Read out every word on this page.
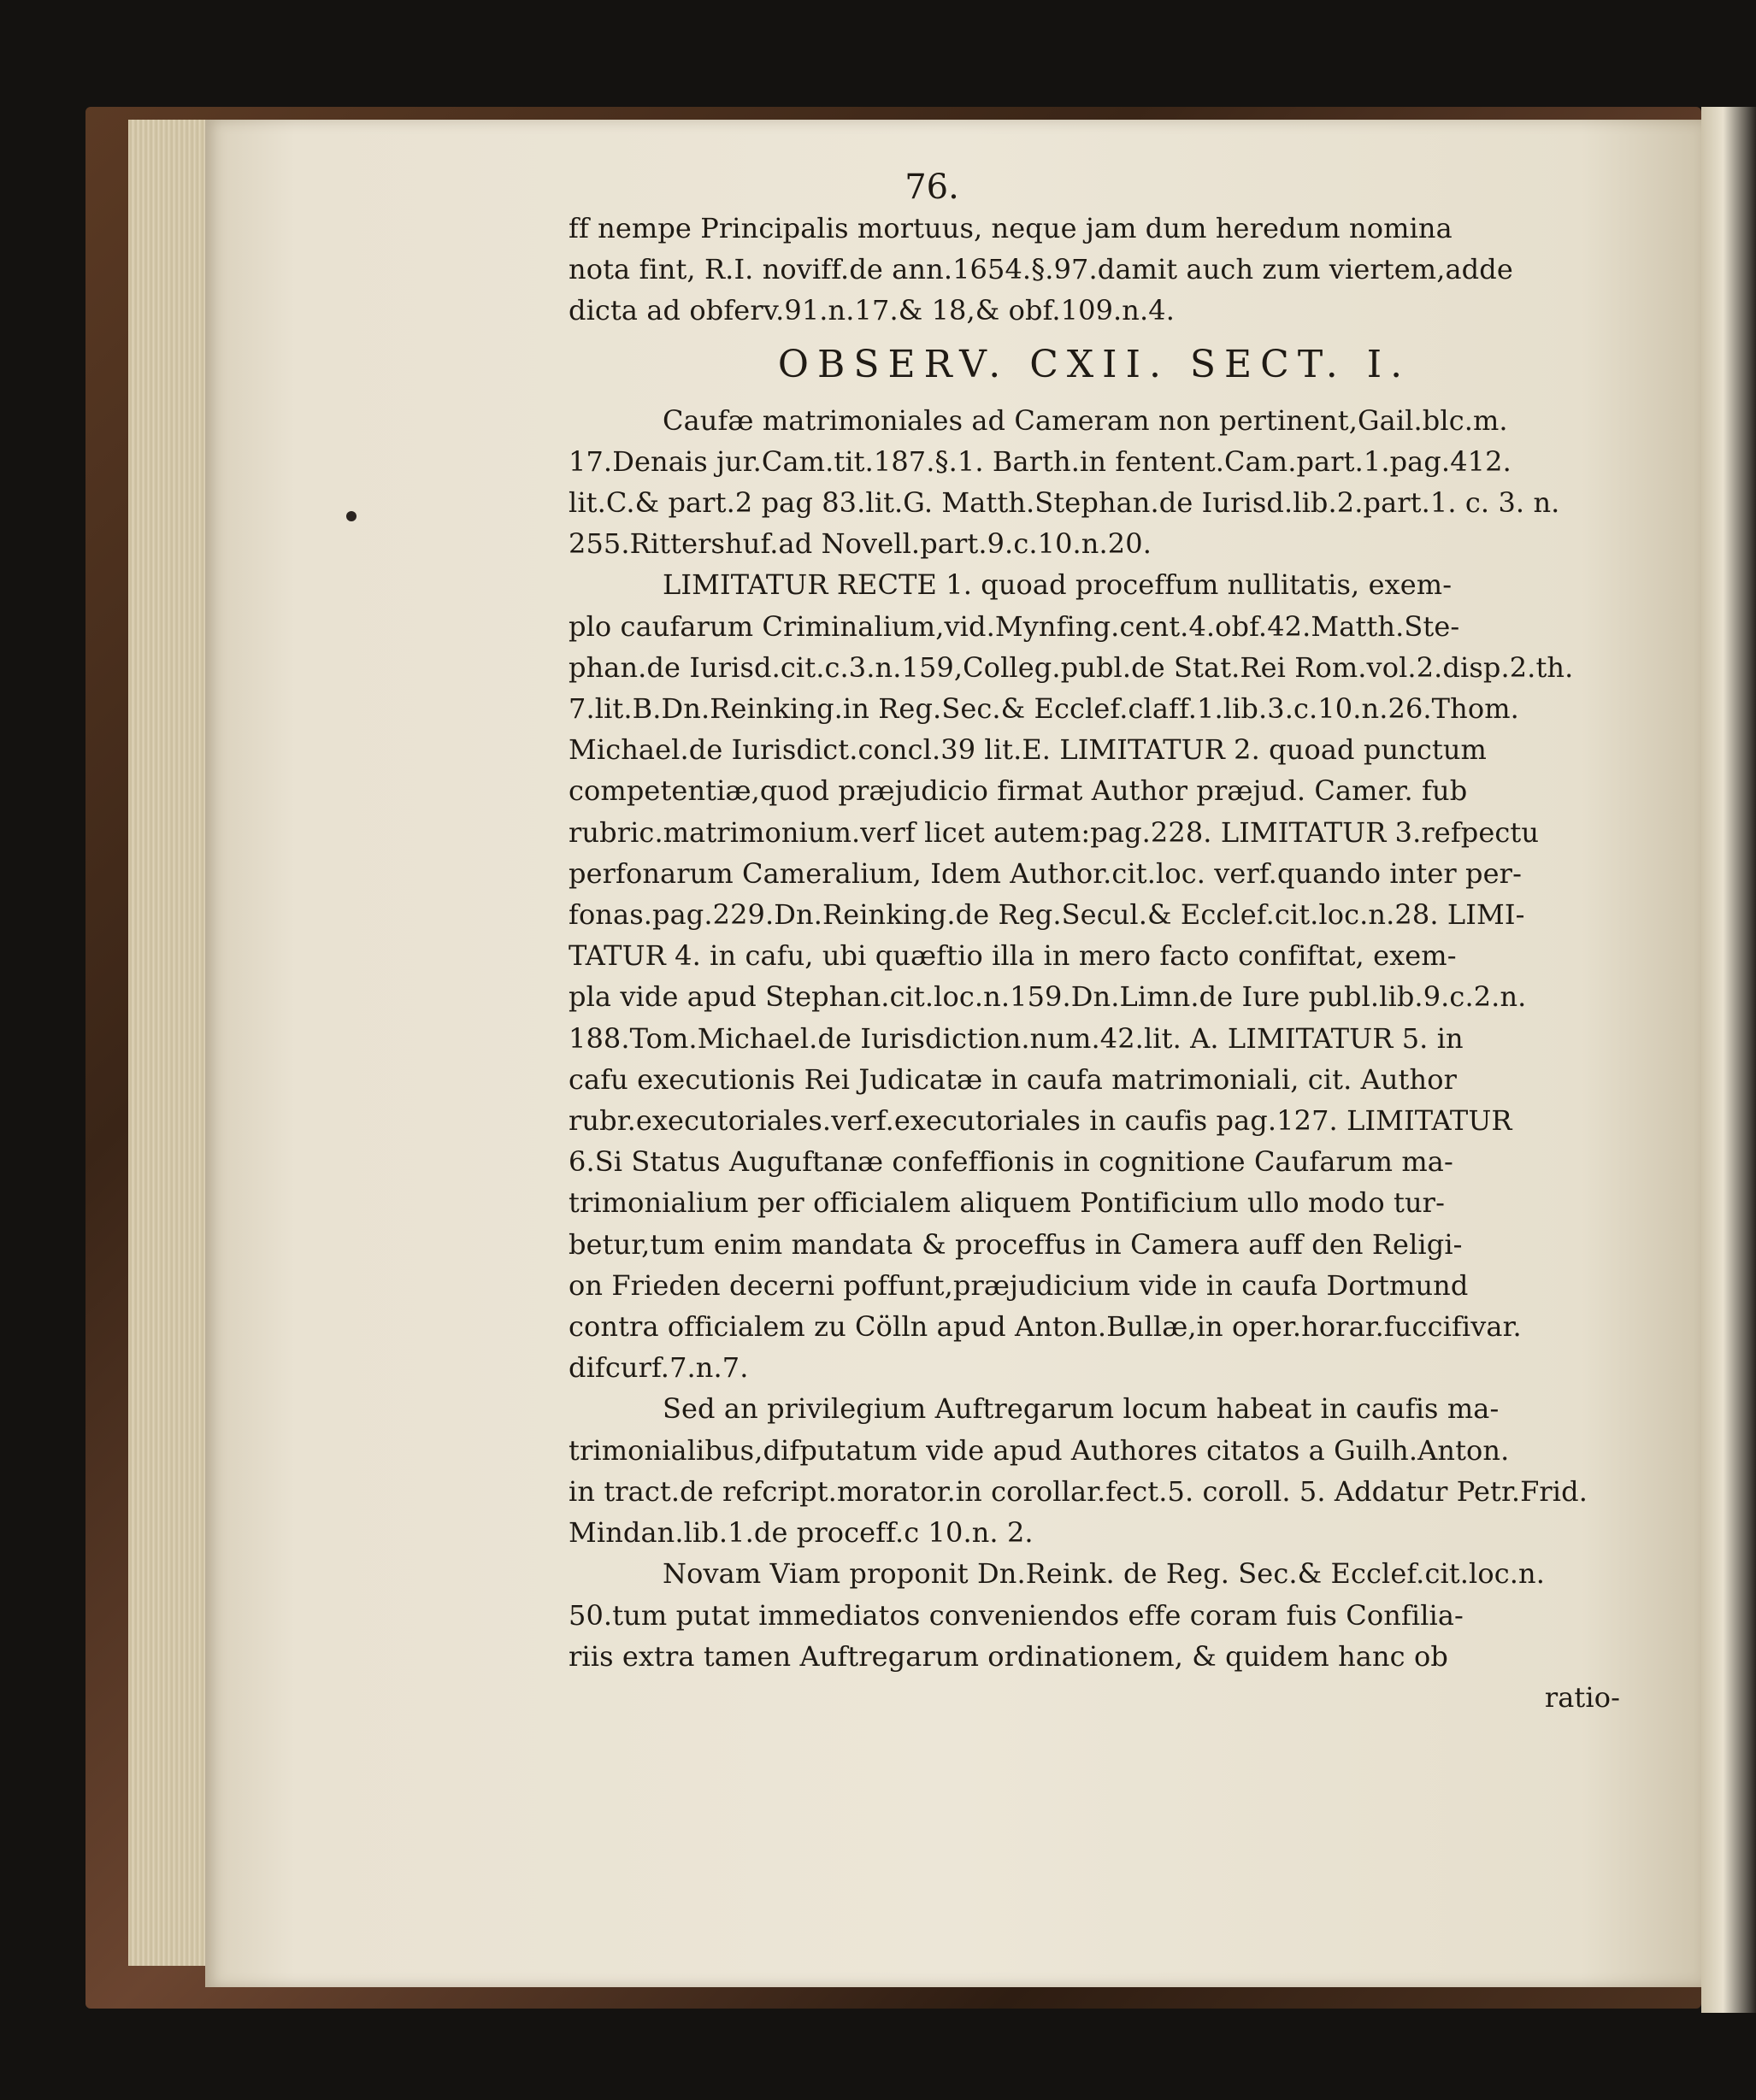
76.
ff nempe Principalis mortuus, neque jam dum heredum nomina
nota fint, R.I. noviff.de ann.1654.§.97.damit auch zum viertem,adde
dicta ad obferv.91.n.17.& 18,& obf.109.n.4.
OBSERV. CXII. SECT. I.
Caufæ matrimoniales ad Cameram non pertinent,Gail.blc.m.
17.Denais jur.Cam.tit.187.§.1. Barth.in fentent.Cam.part.1.pag.412.
lit.C.& part.2 pag 83.lit.G. Matth.Stephan.de Iurisd.lib.2.part.1. c. 3. n.
255.Rittershuf.ad Novell.part.9.c.10.n.20.
LIMITATUR RECTE 1. quoad proceffum nullitatis, exem-
plo caufarum Criminalium,vid.Mynfing.cent.4.obf.42.Matth.Ste-
phan.de Iurisd.cit.c.3.n.159,Colleg.publ.de Stat.Rei Rom.vol.2.disp.2.th.
7.lit.B.Dn.Reinking.in Reg.Sec.& Ecclef.claff.1.lib.3.c.10.n.26.Thom.
Michael.de Iurisdict.concl.39 lit.E. LIMITATUR 2. quoad punctum
competentiæ,quod præjudicio firmat Author præjud. Camer. fub
rubric.matrimonium.verf licet autem:pag.228. LIMITATUR 3.refpectu
perfonarum Cameralium, Idem Author.cit.loc. verf.quando inter per-
fonas.pag.229.Dn.Reinking.de Reg.Secul.& Ecclef.cit.loc.n.28. LIMI-
TATUR 4. in cafu, ubi quæftio illa in mero facto confiftat, exem-
pla vide apud Stephan.cit.loc.n.159.Dn.Limn.de Iure publ.lib.9.c.2.n.
188.Tom.Michael.de Iurisdiction.num.42.lit. A. LIMITATUR 5. in
cafu executionis Rei Judicatæ in caufa matrimoniali, cit. Author
rubr.executoriales.verf.executoriales in caufis pag.127. LIMITATUR
6.Si Status Auguftanæ confeffionis in cognitione Caufarum ma-
trimonialium per officialem aliquem Pontificium ullo modo tur-
betur,tum enim mandata & proceffus in Camera auff den Religi-
on Frieden decerni poffunt,præjudicium vide in caufa Dortmund
contra officialem zu Cölln apud Anton.Bullæ,in oper.horar.fuccifivar.
difcurf.7.n.7.
Sed an privilegium Auftregarum locum habeat in caufis ma-
trimonialibus,difputatum vide apud Authores citatos a Guilh.Anton.
in tract.de refcript.morator.in corollar.fect.5. coroll. 5. Addatur Petr.Frid.
Mindan.lib.1.de proceff.c 10.n. 2.
Novam Viam proponit Dn.Reink. de Reg. Sec.& Ecclef.cit.loc.n.
50.tum putat immediatos conveniendos effe coram fuis Confilia-
riis extra tamen Auftregarum ordinationem, & quidem hanc ob
ratio-
